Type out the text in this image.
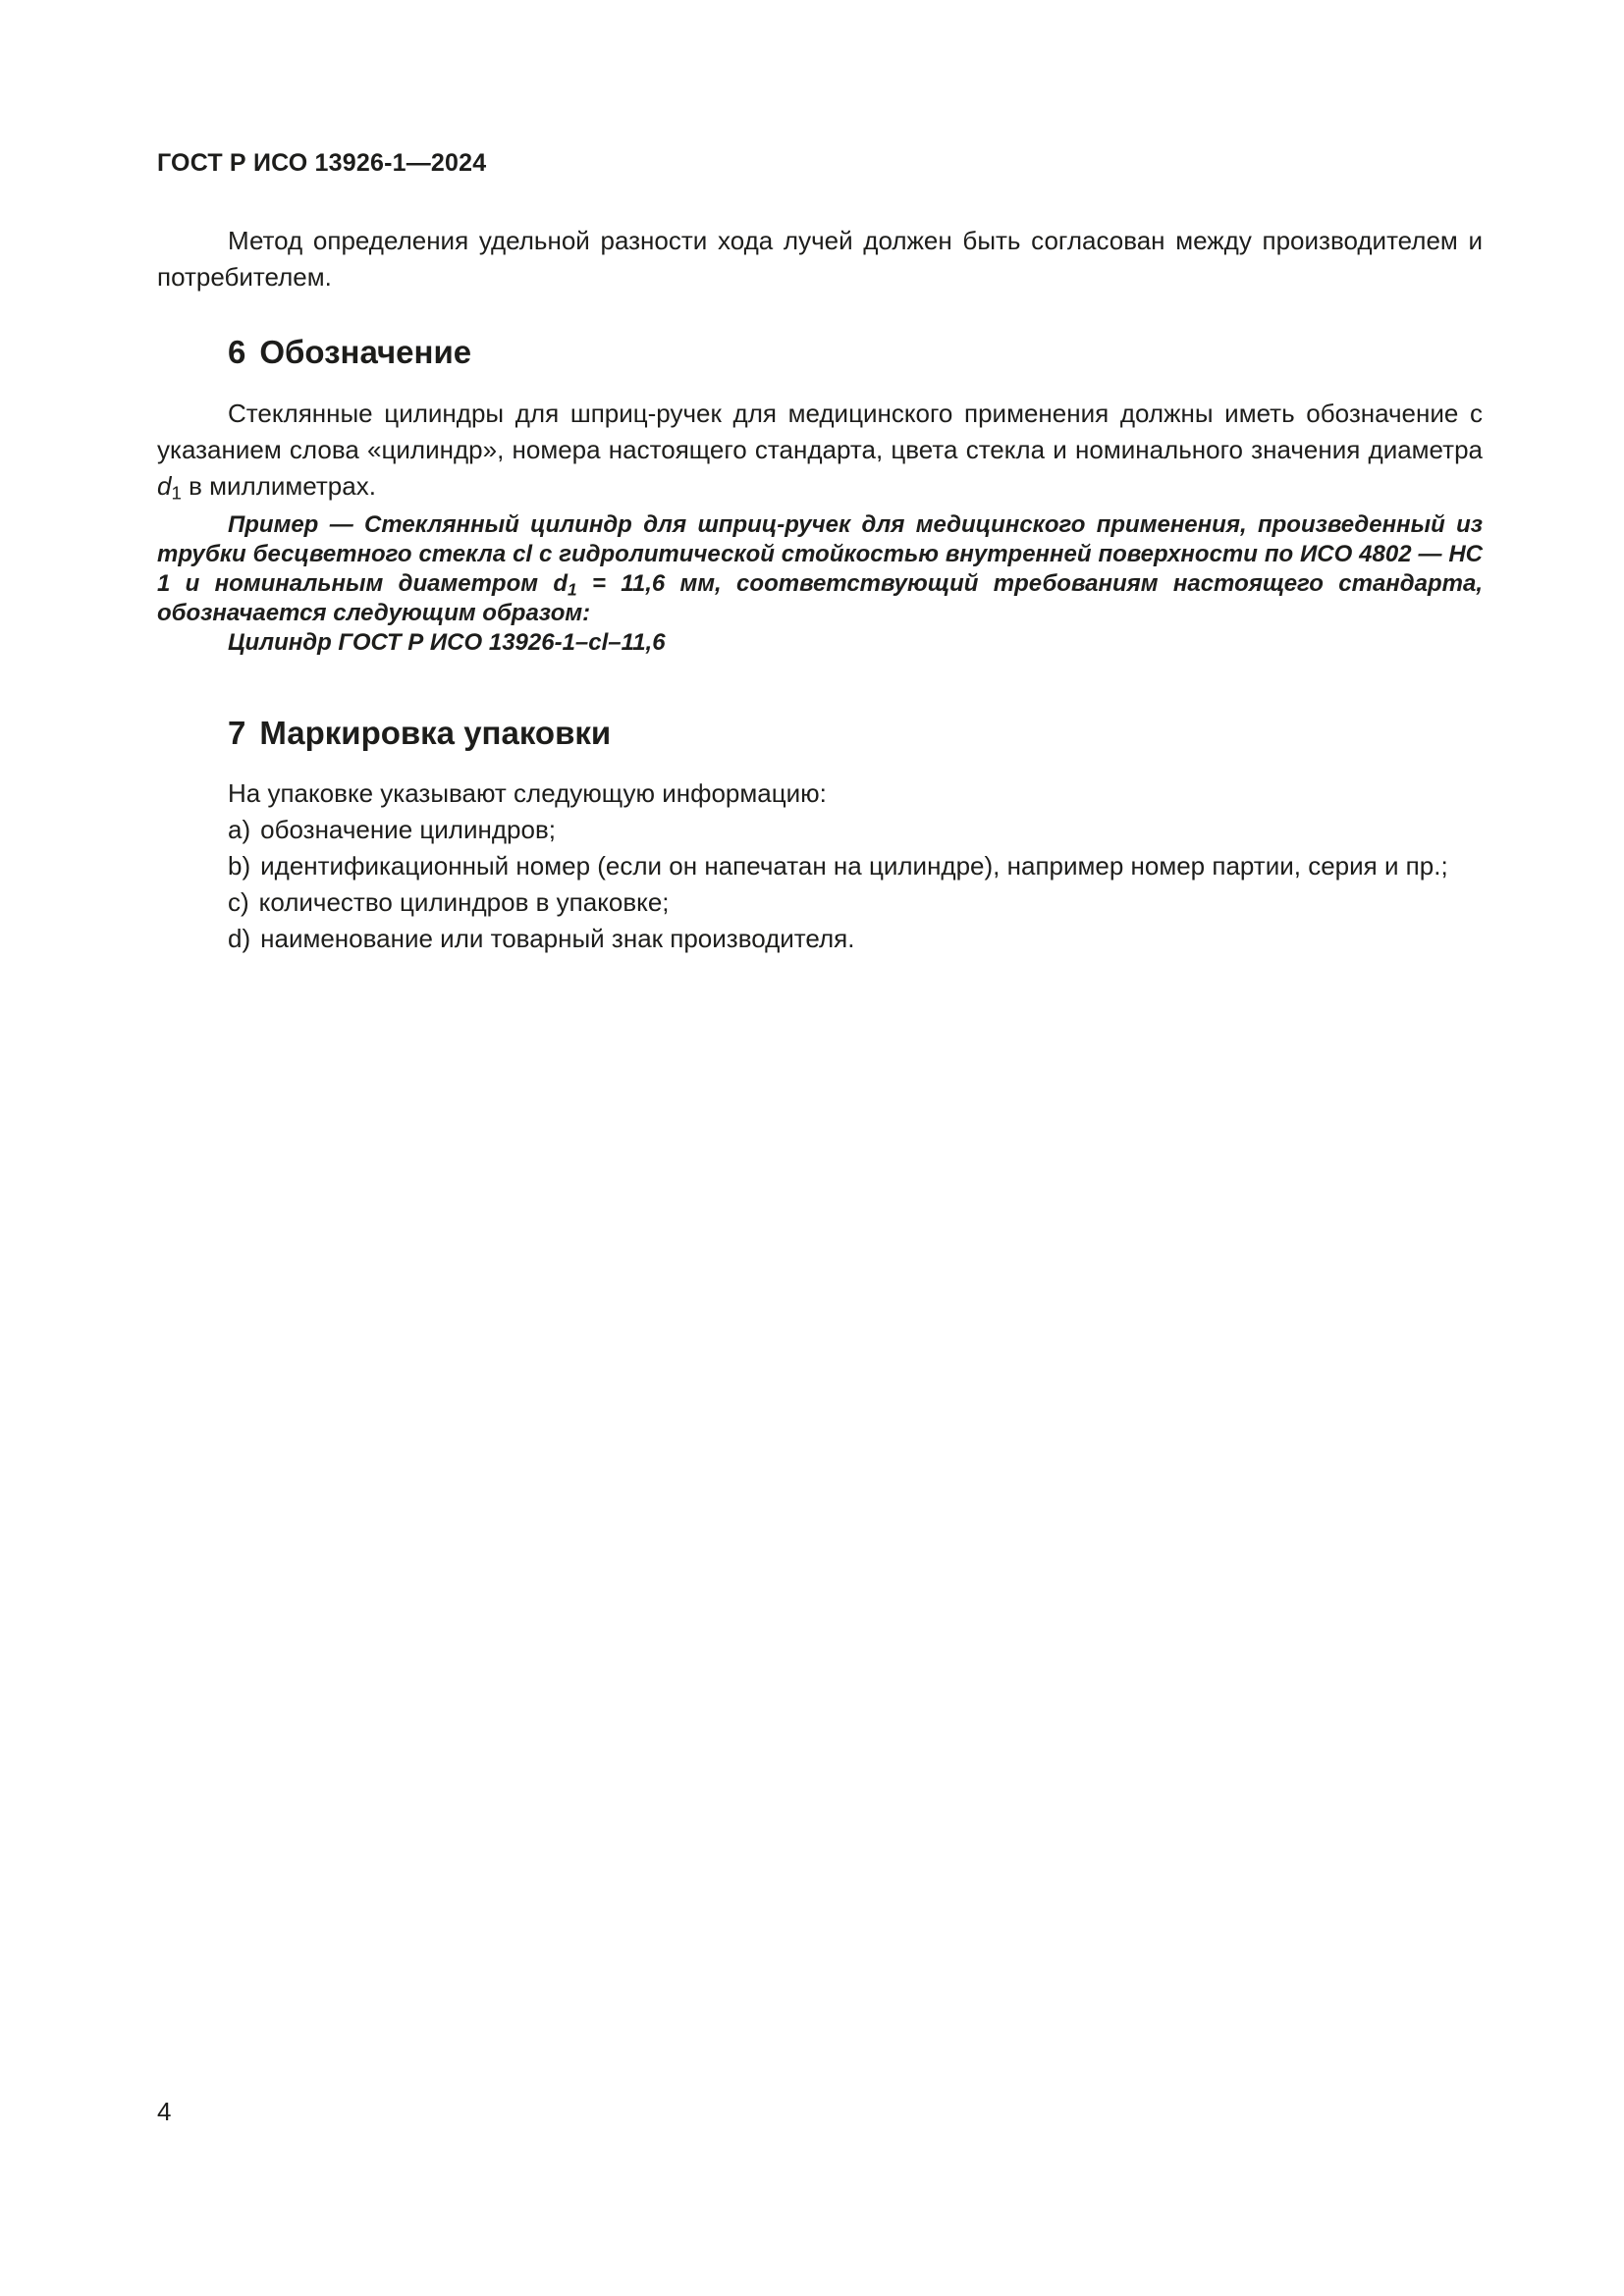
ГОСТ Р ИСО 13926-1—2024
Метод определения удельной разности хода лучей должен быть согласован между производителем и потребителем.
6 Обозначение
Стеклянные цилиндры для шприц-ручек для медицинского применения должны иметь обозначение с указанием слова «цилиндр», номера настоящего стандарта, цвета стекла и номинального значения диаметра $d_1$ в миллиметрах.
Пример — Стеклянный цилиндр для шприц-ручек для медицинского применения, произведенный из трубки бесцветного стекла cl с гидролитической стойкостью внутренней поверхности по ИСО 4802 — НС 1 и номинальным диаметром $d_1 = 11,6$ мм, соответствующий требованиям настоящего стандарта, обозначается следующим образом:
Цилиндр ГОСТ Р ИСО 13926-1–cl–11,6
7 Маркировка упаковки
На упаковке указывают следующую информацию:
a) обозначение цилиндров;
b) идентификационный номер (если он напечатан на цилиндре), например номер партии, серия и пр.;
c) количество цилиндров в упаковке;
d) наименование или товарный знак производителя.
4
